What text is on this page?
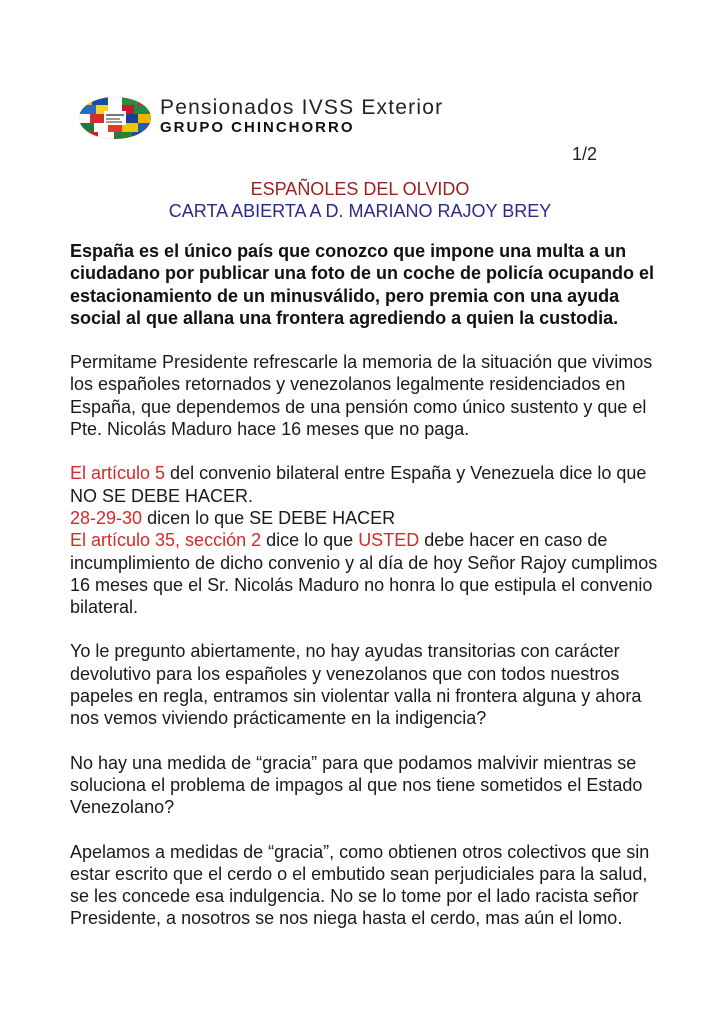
Pensionados IVSS Exterior
GRUPO CHINCHORRO
1/2
ESPAÑOLES DEL OLVIDO
CARTA ABIERTA A D. MARIANO RAJOY BREY

España es el único país que conozco que impone una multa a un ciudadano por publicar una foto de un coche de policía ocupando el estacionamiento de un minusválido, pero premia con una ayuda social al que allana una frontera agrediendo a quien la custodia.

Permitame Presidente refrescarle la memoria de la situación que vivimos los españoles retornados y venezolanos legalmente residenciados en España, que dependemos de una pensión como único sustento y que el Pte. Nicolás Maduro hace 16 meses que no paga.

El artículo 5 del convenio bilateral entre España y Venezuela dice lo que NO SE DEBE HACER.
28-29-30 dicen lo que SE DEBE HACER
El artículo 35, sección 2 dice lo que USTED debe hacer en caso de incumplimiento de dicho convenio y al día de hoy Señor Rajoy cumplimos 16 meses que el Sr. Nicolás Maduro no honra lo que estipula el convenio bilateral.

Yo le pregunto abiertamente, no hay ayudas transitorias con carácter devolutivo para los españoles y venezolanos que con todos nuestros papeles en regla, entramos sin violentar valla ni frontera alguna y ahora nos vemos viviendo prácticamente en la indigencia?

No hay una medida de “gracia” para que podamos malvivir mientras se soluciona el problema de impagos al que nos tiene sometidos el Estado Venezolano?

Apelamos a medidas de “gracia”, como obtienen otros colectivos que sin estar escrito que el cerdo o el embutido sean perjudiciales para la salud, se les concede esa indulgencia. No se lo tome por el lado racista señor Presidente, a nosotros se nos niega hasta el cerdo, mas aún el lomo.
